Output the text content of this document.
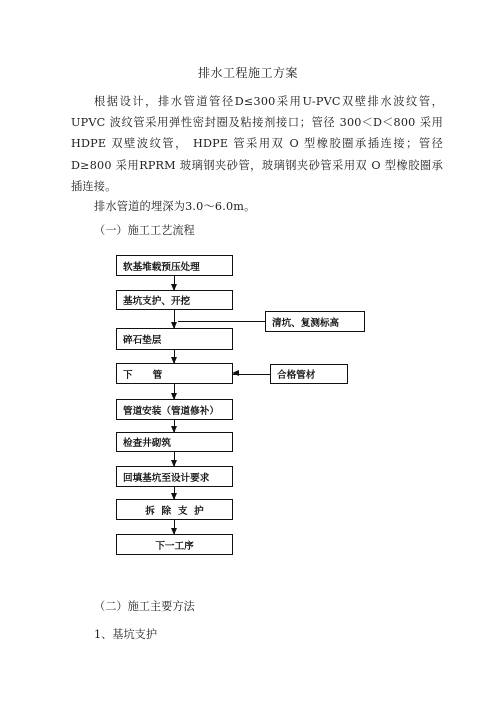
排水工程施工方案
根据设计，排水管道管径D≤300采用U-PVC双壁排水波纹管，UPVC 波纹管采用弹性密封圈及粘接剂接口；管径 300＜D＜800 采用 HDPE 双壁波纹管， HDPE 管采用双 O 型橡胶圈承插连接；管径 D≥800 采用RPRM 玻璃钢夹砂管，玻璃钢夹砂管采用双 O 型橡胶圈承插连接。
排水管道的埋深为3.0～6.0m。
（一）施工工艺流程
软基堆载预压处理
基坑支护、开挖
碎石垫层
下      管
管道安装（管道修补）
检查井砌筑
回填基坑至设计要求
拆  除  支  护
下一工序
清坑、复测标高
合格管材
（二）施工主要方法
1、基坑支护
